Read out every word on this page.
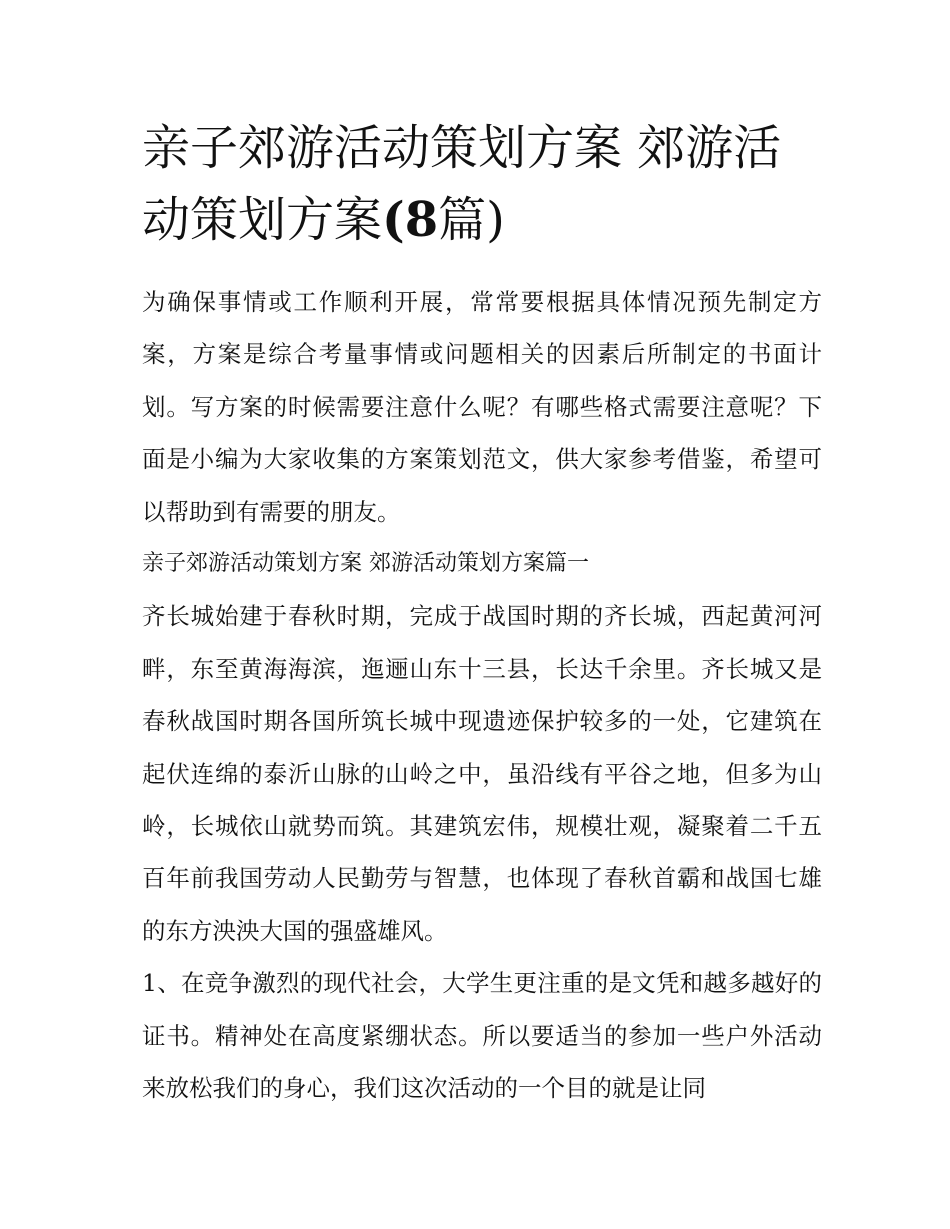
亲子郊游活动策划方案 郊游活动策划方案(8篇)

为确保事情或工作顺利开展，常常要根据具体情况预先制定方案，方案是综合考量事情或问题相关的因素后所制定的书面计划。写方案的时候需要注意什么呢？有哪些格式需要注意呢？下面是小编为大家收集的方案策划范文，供大家参考借鉴，希望可以帮助到有需要的朋友。

亲子郊游活动策划方案 郊游活动策划方案篇一

齐长城始建于春秋时期，完成于战国时期的齐长城，西起黄河河畔，东至黄海海滨，迤逦山东十三县，长达千余里。齐长城又是春秋战国时期各国所筑长城中现遗迹保护较多的一处，它建筑在起伏连绵的泰沂山脉的山岭之中，虽沿线有平谷之地，但多为山岭，长城依山就势而筑。其建筑宏伟，规模壮观，凝聚着二千五百年前我国劳动人民勤劳与智慧，也体现了春秋首霸和战国七雄的东方泱泱大国的强盛雄风。

1、在竞争激烈的现代社会，大学生更注重的是文凭和越多越好的证书。精神处在高度紧绷状态。所以要适当的参加一些户外活动来放松我们的身心，我们这次活动的一个目的就是让同
